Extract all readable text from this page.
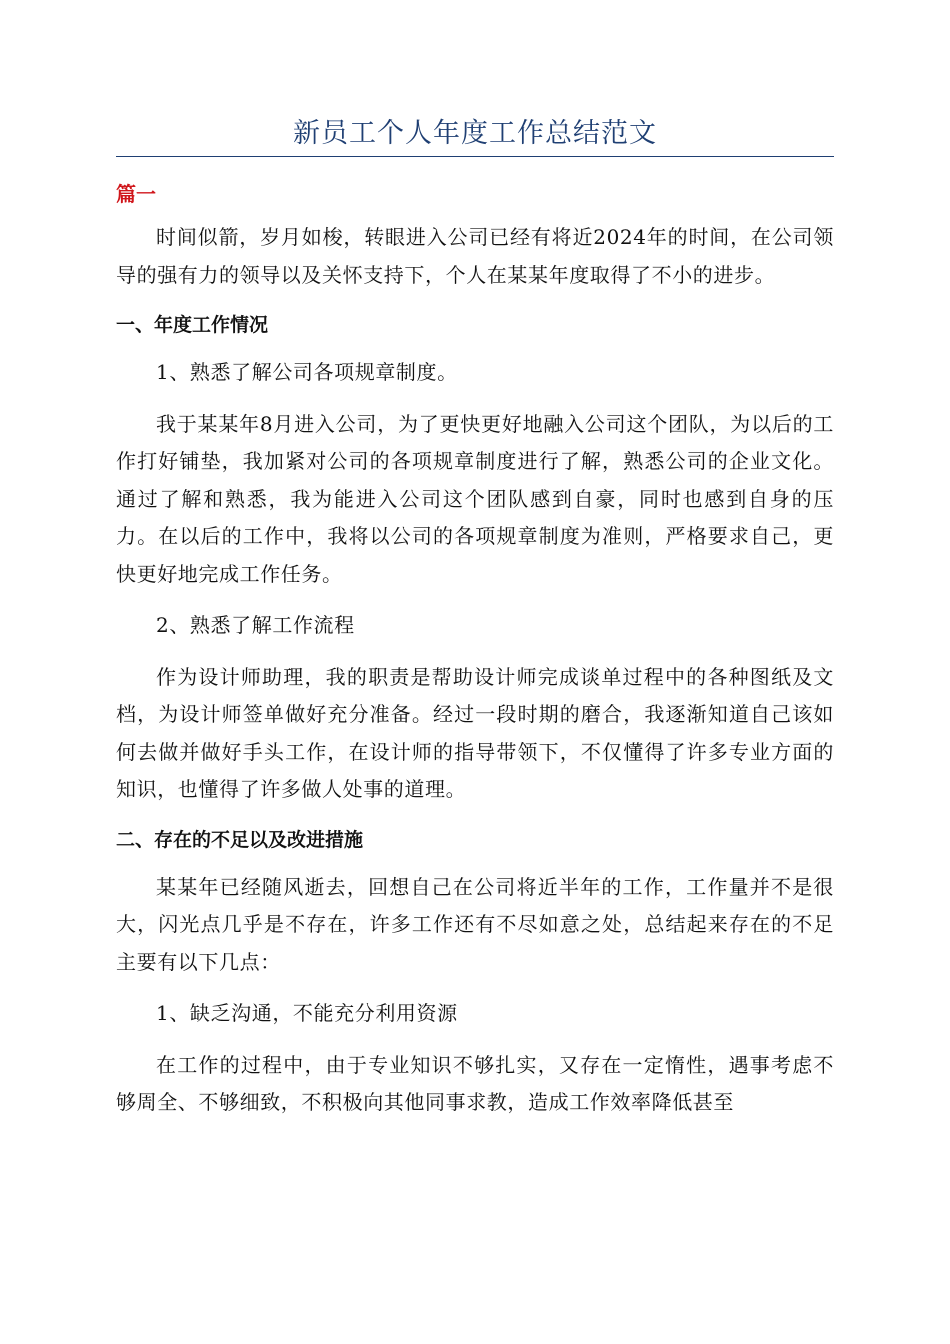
新员工个人年度工作总结范文
篇一

时间似箭，岁月如梭，转眼进入公司已经有将近2024年的时间，在公司领导的强有力的领导以及关怀支持下，个人在某某年度取得了不小的进步。

一、年度工作情况

1、熟悉了解公司各项规章制度。

我于某某年8月进入公司，为了更快更好地融入公司这个团队，为以后的工作打好铺垫，我加紧对公司的各项规章制度进行了解，熟悉公司的企业文化。通过了解和熟悉，我为能进入公司这个团队感到自豪，同时也感到自身的压力。在以后的工作中，我将以公司的各项规章制度为准则，严格要求自己，更快更好地完成工作任务。

2、熟悉了解工作流程

作为设计师助理，我的职责是帮助设计师完成谈单过程中的各种图纸及文档，为设计师签单做好充分准备。经过一段时期的磨合，我逐渐知道自己该如何去做并做好手头工作，在设计师的指导带领下，不仅懂得了许多专业方面的知识，也懂得了许多做人处事的道理。

二、存在的不足以及改进措施

某某年已经随风逝去，回想自己在公司将近半年的工作，工作量并不是很大，闪光点几乎是不存在，许多工作还有不尽如意之处，总结起来存在的不足主要有以下几点：

1、缺乏沟通，不能充分利用资源

在工作的过程中，由于专业知识不够扎实，又存在一定惰性，遇事考虑不够周全、不够细致，不积极向其他同事求教，造成工作效率降低甚至
